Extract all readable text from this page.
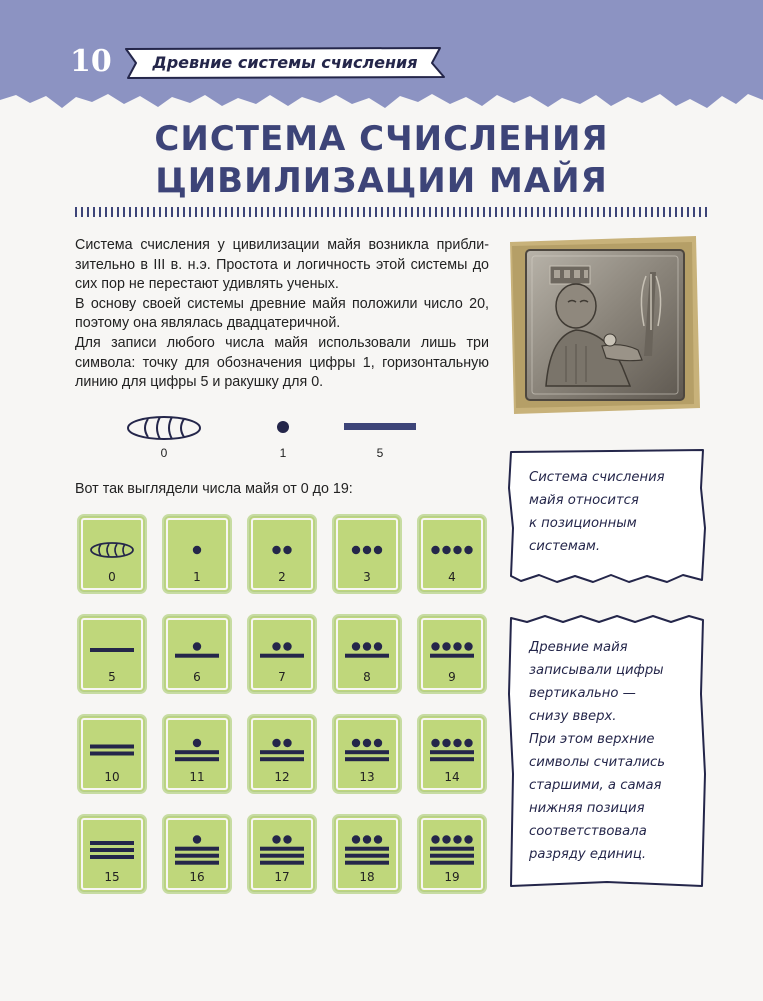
10	Древние системы счисления
СИСТЕМА СЧИСЛЕНИЯ
ЦИВИЛИЗАЦИИ МАЙЯ

Система счисления у цивилизации майя возникла прибли-зительно в III в. н.э. Простота и логичность этой системы до сих пор не перестают удивлять ученых.

В основу своей системы древние майя положили число 20, поэтому она являлась двадцатеричной.

Для записи любого числа майя использовали лишь три символа: точку для обозначения цифры 1, горизонтальную линию для цифры 5 и ракушку для 0.

0	1	5
Вот так выглядели числа майя от 0 до 19:
0	1	2	3	4
5	6	7	8	9
10	11	12	13	14
15	16	17	18	19
Система счисления
майя относится
к позиционным
системам.
Древние майя
записывали цифры
вертикально —
снизу вверх.
При этом верхние
символы считались
старшими, а самая
нижняя позиция
соответствовала
разряду единиц.
